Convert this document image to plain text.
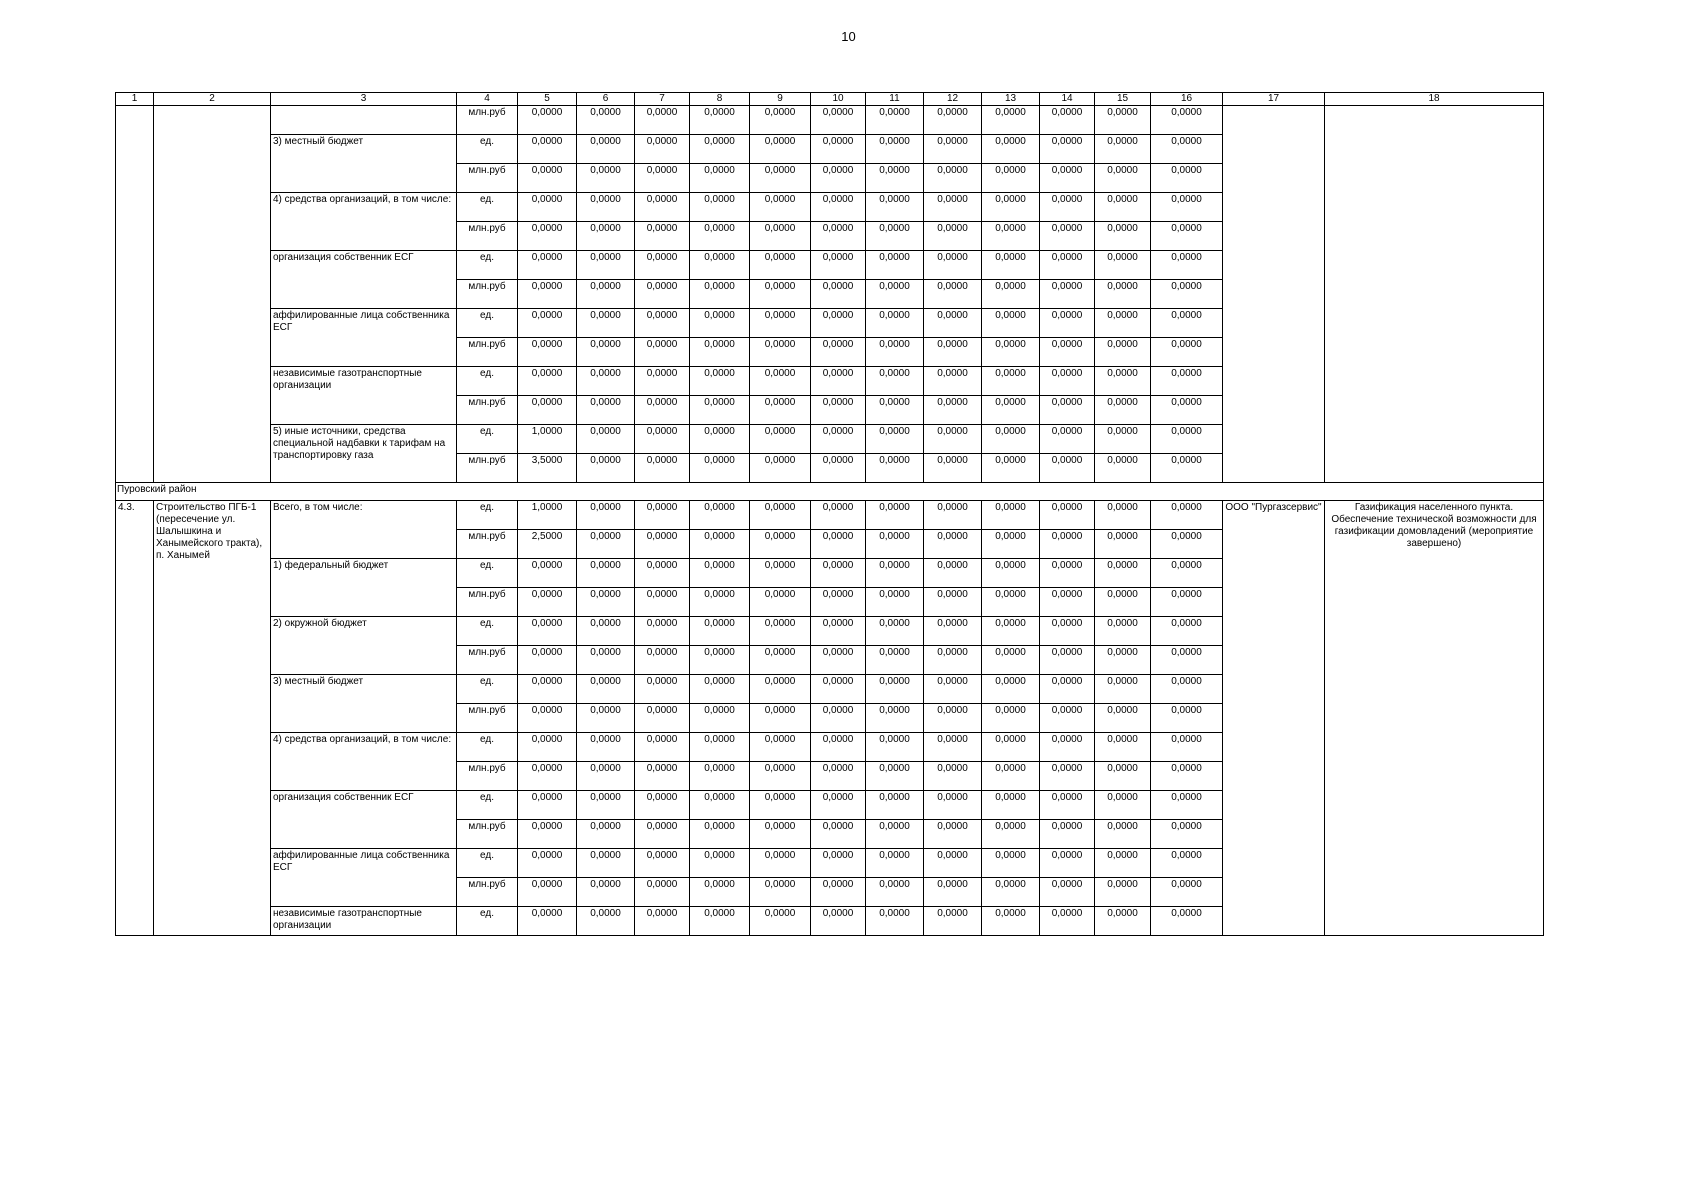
10
1	2	3	4	5	6	7	8	9	10	11	12	13	14	15	16	17	18
			млн.руб	0,0000	0,0000	0,0000	0,0000	0,0000	0,0000	0,0000	0,0000	0,0000	0,0000	0,0000	0,0000		
		3) местный бюджет	ед.	0,0000	0,0000	0,0000	0,0000	0,0000	0,0000	0,0000	0,0000	0,0000	0,0000	0,0000	0,0000		
			млн.руб	0,0000	0,0000	0,0000	0,0000	0,0000	0,0000	0,0000	0,0000	0,0000	0,0000	0,0000	0,0000		
		4) средства организаций, в том числе:	ед.	0,0000	0,0000	0,0000	0,0000	0,0000	0,0000	0,0000	0,0000	0,0000	0,0000	0,0000	0,0000		
			млн.руб	0,0000	0,0000	0,0000	0,0000	0,0000	0,0000	0,0000	0,0000	0,0000	0,0000	0,0000	0,0000		
		организация собственник ЕСГ	ед.	0,0000	0,0000	0,0000	0,0000	0,0000	0,0000	0,0000	0,0000	0,0000	0,0000	0,0000	0,0000		
			млн.руб	0,0000	0,0000	0,0000	0,0000	0,0000	0,0000	0,0000	0,0000	0,0000	0,0000	0,0000	0,0000		
		аффилированные лица собственника ЕСГ	ед.	0,0000	0,0000	0,0000	0,0000	0,0000	0,0000	0,0000	0,0000	0,0000	0,0000	0,0000	0,0000		
			млн.руб	0,0000	0,0000	0,0000	0,0000	0,0000	0,0000	0,0000	0,0000	0,0000	0,0000	0,0000	0,0000		
		независимые газотранспортные организации	ед.	0,0000	0,0000	0,0000	0,0000	0,0000	0,0000	0,0000	0,0000	0,0000	0,0000	0,0000	0,0000		
			млн.руб	0,0000	0,0000	0,0000	0,0000	0,0000	0,0000	0,0000	0,0000	0,0000	0,0000	0,0000	0,0000		
		5) иные источники, средства специальной надбавки к тарифам на транспортировку газа	ед.	1,0000	0,0000	0,0000	0,0000	0,0000	0,0000	0,0000	0,0000	0,0000	0,0000	0,0000	0,0000		
			млн.руб	3,5000	0,0000	0,0000	0,0000	0,0000	0,0000	0,0000	0,0000	0,0000	0,0000	0,0000	0,0000		
Пуровский район																	
4.3.	Строительство ПГБ-1 (пересечение ул. Шалышкина и Ханымейского тракта), п. Ханымей	Всего, в том числе:	ед.	1,0000	0,0000	0,0000	0,0000	0,0000	0,0000	0,0000	0,0000	0,0000	0,0000	0,0000	0,0000	ООО "Пургазсервис"	Газификация населенного пункта. Обеспечение технической возможности для газификации домовладений (мероприятие завершено)
			млн.руб	2,5000	0,0000	0,0000	0,0000	0,0000	0,0000	0,0000	0,0000	0,0000	0,0000	0,0000	0,0000		
		1) федеральный бюджет	ед.	0,0000	0,0000	0,0000	0,0000	0,0000	0,0000	0,0000	0,0000	0,0000	0,0000	0,0000	0,0000		
			млн.руб	0,0000	0,0000	0,0000	0,0000	0,0000	0,0000	0,0000	0,0000	0,0000	0,0000	0,0000	0,0000		
		2) окружной бюджет	ед.	0,0000	0,0000	0,0000	0,0000	0,0000	0,0000	0,0000	0,0000	0,0000	0,0000	0,0000	0,0000		
			млн.руб	0,0000	0,0000	0,0000	0,0000	0,0000	0,0000	0,0000	0,0000	0,0000	0,0000	0,0000	0,0000		
		3) местный бюджет	ед.	0,0000	0,0000	0,0000	0,0000	0,0000	0,0000	0,0000	0,0000	0,0000	0,0000	0,0000	0,0000		
			млн.руб	0,0000	0,0000	0,0000	0,0000	0,0000	0,0000	0,0000	0,0000	0,0000	0,0000	0,0000	0,0000		
		4) средства организаций, в том числе:	ед.	0,0000	0,0000	0,0000	0,0000	0,0000	0,0000	0,0000	0,0000	0,0000	0,0000	0,0000	0,0000		
			млн.руб	0,0000	0,0000	0,0000	0,0000	0,0000	0,0000	0,0000	0,0000	0,0000	0,0000	0,0000	0,0000		
		организация собственник ЕСГ	ед.	0,0000	0,0000	0,0000	0,0000	0,0000	0,0000	0,0000	0,0000	0,0000	0,0000	0,0000	0,0000		
			млн.руб	0,0000	0,0000	0,0000	0,0000	0,0000	0,0000	0,0000	0,0000	0,0000	0,0000	0,0000	0,0000		
		аффилированные лица собственника ЕСГ	ед.	0,0000	0,0000	0,0000	0,0000	0,0000	0,0000	0,0000	0,0000	0,0000	0,0000	0,0000	0,0000		
			млн.руб	0,0000	0,0000	0,0000	0,0000	0,0000	0,0000	0,0000	0,0000	0,0000	0,0000	0,0000	0,0000		
		независимые газотранспортные организации	ед.	0,0000	0,0000	0,0000	0,0000	0,0000	0,0000	0,0000	0,0000	0,0000	0,0000	0,0000	0,0000		
